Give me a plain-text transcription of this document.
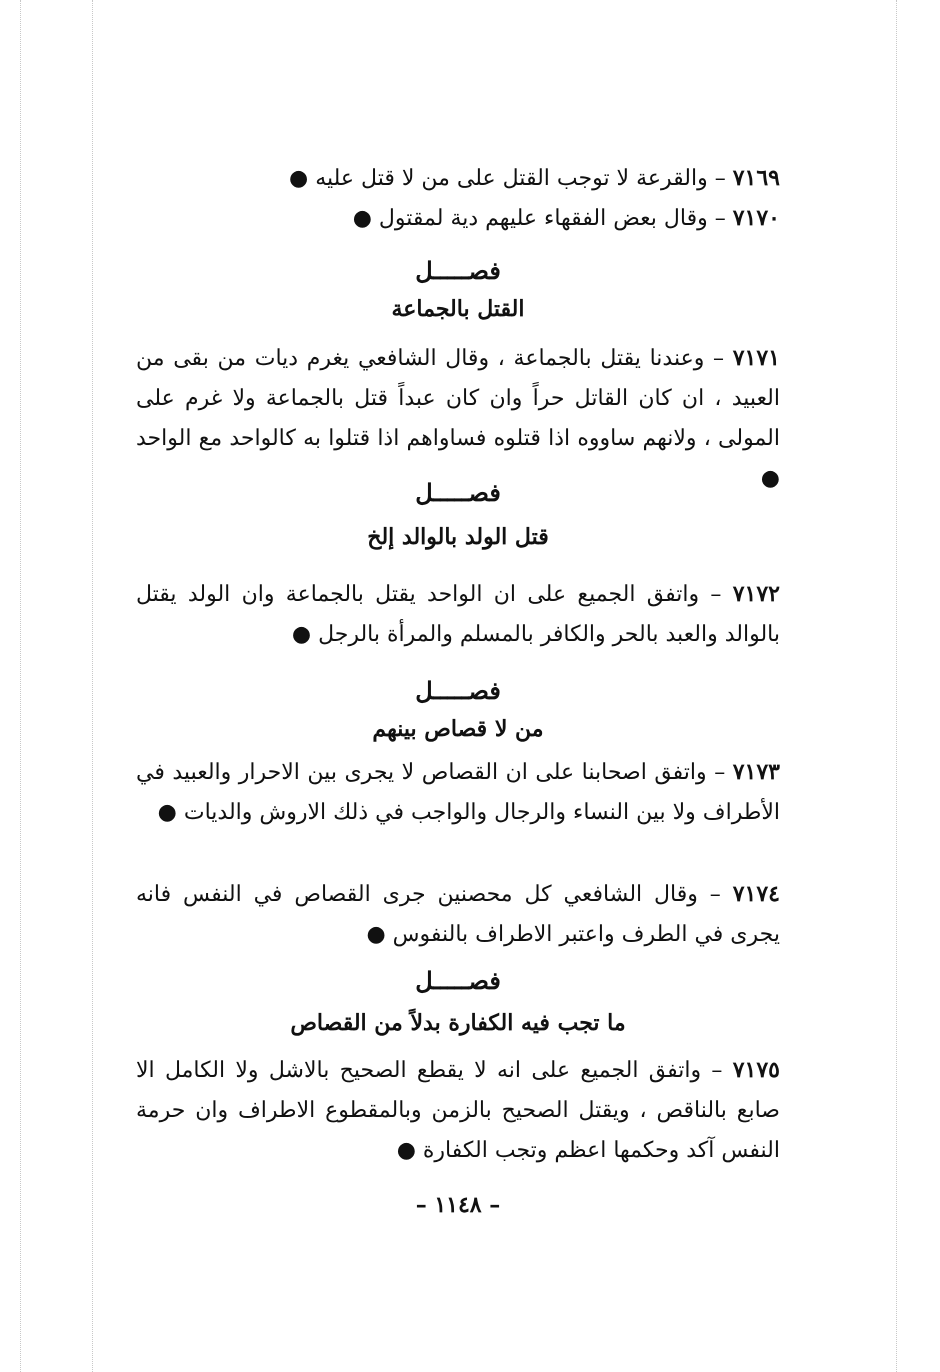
٧١٦٩ – والقرعة لا توجب القتل على من لا قتل عليه ●

٧١٧٠ – وقال بعض الفقهاء عليهم دية لمقتول ●

فصـــــل

القتل بالجماعة

٧١٧١ – وعندنا يقتل بالجماعة ، وقال الشافعي يغرم ديات من بقى من العبيد ، ان كان القاتل حراً وان كان عبداً قتل بالجماعة ولا غرم على المولى ، ولانهم ساووه اذا قتلوه فساواهم اذا قتلوا به كالواحد مع الواحد ●

فصـــــل

قتل الولد بالوالد إلخ

٧١٧٢ – واتفق الجميع على ان الواحد يقتل بالجماعة وان الولد يقتل بالوالد والعبد بالحر والكافر بالمسلم والمرأة بالرجل ●

فصـــــل

من لا قصاص بينهم

٧١٧٣ – واتفق اصحابنا على ان القصاص لا يجرى بين الاحرار والعبيد في الأطراف ولا بين النساء والرجال والواجب في ذلك الاروش والديات ●

٧١٧٤ – وقال الشافعي كل محصنين جرى القصاص في النفس فانه يجرى في الطرف واعتبر الاطراف بالنفوس ●

فصـــــل

ما تجب فيه الكفارة بدلاً من القصاص

٧١٧٥ – واتفق الجميع على انه لا يقطع الصحيح بالاشل ولا الكامل الا صابع بالناقص ، ويقتل الصحيح بالزمن وبالمقطوع الاطراف وان حرمة النفس آكد وحكمها اعظم وتجب الكفارة ●

– ١١٤٨ –
